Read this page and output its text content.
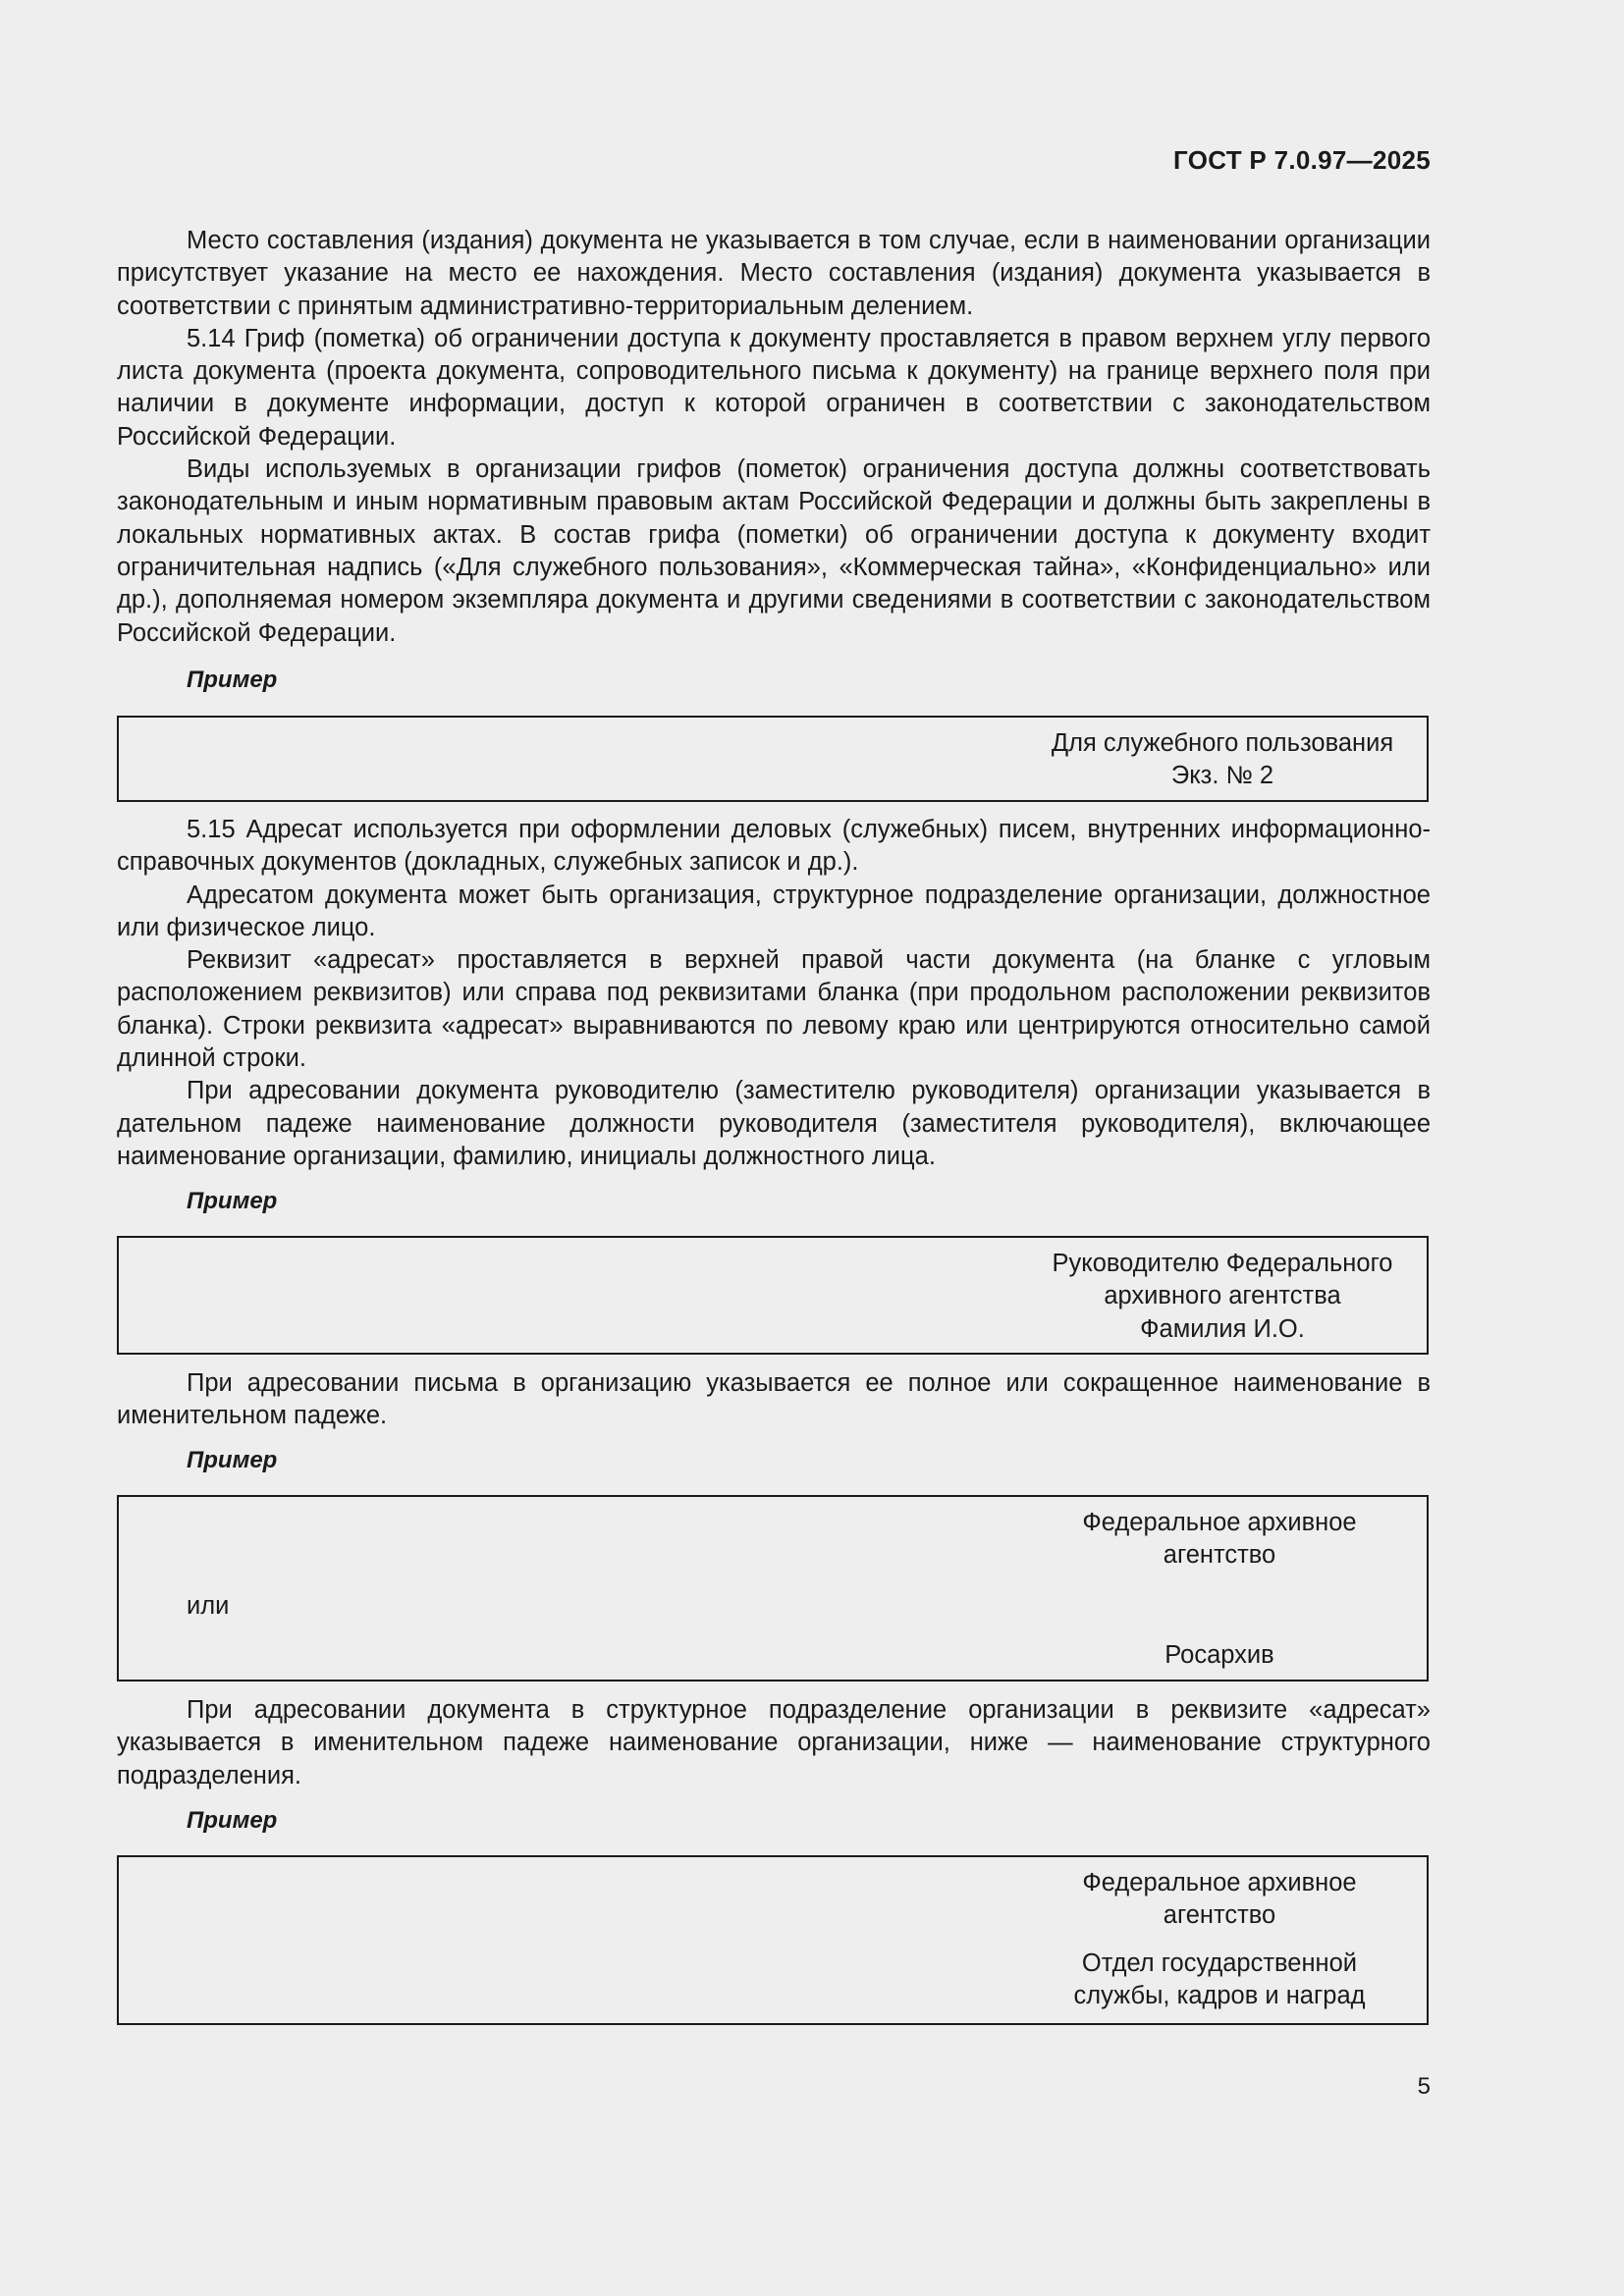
ГОСТ Р 7.0.97—2025

Место составления (издания) документа не указывается в том случае, если в наименовании организации присутствует указание на место ее нахождения. Место составления (издания) документа указывается в соответствии с принятым административно-территориальным делением.

5.14 Гриф (пометка) об ограничении доступа к документу проставляется в правом верхнем углу первого листа документа (проекта документа, сопроводительного письма к документу) на границе верхнего поля при наличии в документе информации, доступ к которой ограничен в соответствии с законодательством Российской Федерации.

Виды используемых в организации грифов (пометок) ограничения доступа должны соответствовать законодательным и иным нормативным правовым актам Российской Федерации и должны быть закреплены в локальных нормативных актах. В состав грифа (пометки) об ограничении доступа к документу входит ограничительная надпись («Для служебного пользования», «Коммерческая тайна», «Конфиденциально» или др.), дополняемая номером экземпляра документа и другими сведениями в соответствии с законодательством Российской Федерации.

Пример
Для служебного пользования
Экз. № 2

5.15 Адресат используется при оформлении деловых (служебных) писем, внутренних информационно-справочных документов (докладных, служебных записок и др.).

Адресатом документа может быть организация, структурное подразделение организации, должностное или физическое лицо.

Реквизит «адресат» проставляется в верхней правой части документа (на бланке с угловым расположением реквизитов) или справа под реквизитами бланка (при продольном расположении реквизитов бланка). Строки реквизита «адресат» выравниваются по левому краю или центрируются относительно самой длинной строки.

При адресовании документа руководителю (заместителю руководителя) организации указывается в дательном падеже наименование должности руководителя (заместителя руководителя), включающее наименование организации, фамилию, инициалы должностного лица.

Пример
Руководителю Федерального
архивного агентства
Фамилия И.О.

При адресовании письма в организацию указывается ее полное или сокращенное наименование в именительном падеже.

Пример
Федеральное архивное
агентство
или
Росархив

При адресовании документа в структурное подразделение организации в реквизите «адресат» указывается в именительном падеже наименование организации, ниже — наименование структурного подразделения.

Пример
Федеральное архивное
агентство
Отдел государственной
службы, кадров и наград
5
